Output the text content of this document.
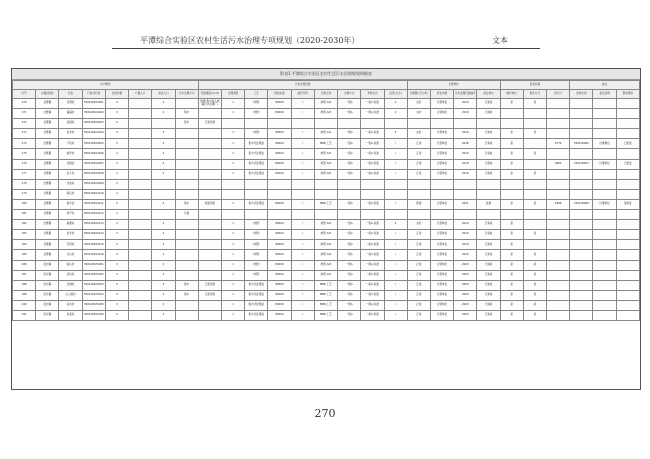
平潭综合实验区农村生活污水治理专项规划（2020-2030年）	文本
附表1 平潭综合实验区农村生活污水治理规划明细表
村户概况								污水处理设施									运维养护				资金估算			备注		
序号	乡镇(街道)	村名	行政村代码	自然村数	户籍人口	常住人口	污水治理方式	设施规模(m³/d)	治理类型	工艺	排放标准	建设年份	运维主体	运维方式	考核状态	投资(万元)	运维费(万元/年)	资金来源	污水处理设施编号	责任单位	维护单位	联系方式	排污口	受纳水体	备注说明	整改情况
170	北厝镇	北厝村	350128104201	4		2		纳管(集中接入城镇污水处理厂)	1	（纳管）	80000	/	纳管 A/O	一级A	一级A 标准	2	完好	运营单位	2019	已验收	是	是				
171	北厝镇	福瀛村	350128104202	3		2	集中		1	（纳管）	80000	/	纳管 A/O	一级A	一级A 标准	2	完好	运营单位	2019	已验收						
172	北厝镇	后楼村	350128104203	2			集中	已建设施																		
173	北厝镇	金井村	350128104204	4		2			1	（纳管）	80000	/	纳管 A/O	一级A	一级A 标准	2	完好	运营单位	2019	已验收	是	是				
174	北厝镇	下坑村	350128104205	5		2			1	集中式处理站	80000	/	MBR 工艺	一级A	一级A 标准	/	正常	运营单位	2018	已验收	是		4770	350128000	运维单位	已批复
175	北厝镇	前洋村	350128104206	4		2			1	集中式处理站	80000	/	纳管 A/O	一级A	一级A 标准	/	正常	运营单位	2019	已验收	是	是				
176	北厝镇	北楼村	350128104207	3		2			1	集中式处理站	80000	/	纳管 A/O	一级A	一级A 标准	/	正常	运营单位	2019	已验收	是		4983	350128003	运维单位	已批复
177	北厝镇	后斗村	350128104208	3		2			1	集中式处理站	80000	/	纳管 A/O	一级A	一级A 标准	/	正常	运营单位	2019	已验收	是	是				
178	北厝镇	龙池村	350128104209	2																						
179	北厝镇	海坛村	350128104210	4																						
180	北厝镇	南中村	350128104211	5		2	集中	待建设施	1	集中式处理站	80000	/	MBR 工艺	一级A	一级A 标准	/	新建	运营单位	2021	待建	是	是	1899	350128009	运维单位	待批复
181	北厝镇	和平村	350128104212	3			分散																			
182	北厝镇	磁澳村	350128104213	4		2			1	（纳管）	80000	/	纳管 A/O	一级A	一级A 标准	2	完好	运营单位	2019	已验收	是					
183	北厝镇	金井村	350128104214	3		2			1	（纳管）	80000	/	纳管 A/O	一级A	一级A 标准	/	正常	运营单位	2019	已验收	是	是				
184	北厝镇	芬尾村	350128104215	2		2			1	（纳管）	80000	/	纳管 A/O	一级A	一级A 标准	/	正常	运营单位	2019	已验收	是					
185	北厝镇	龙山村	350128104216	4		2			1	（纳管）	80000	/	纳管 A/O	一级A	一级A 标准	/	正常	运营单位	2019	已验收	是	是				
186	流水镇	溪头村	350128105201	3		2			1	（纳管）	80000	/	纳管 A/O	一级A	一级A 标准	/	正常	运营单位	2020	已验收	是	是				
187	流水镇	后坑村	350128105202	3		2			1	（纳管）	80000	/	纳管 A/O	一级A	一级A 标准	/	正常	运营单位	2020	已验收	是	是				
188	流水镇	北港村	350128105203	5		2	集中	已建设施	1	集中式处理站	80000	/	MBR 工艺	一级A	一级A 标准	/	正常	运营单位	2020	已验收	是	是				
189	流水镇	山门前村	350128105204	4		2	集中	已建设施	1	集中式处理站	80000	/	MBR 工艺	一级A	一级A 标准	/	正常	运营单位	2020	已验收	是	是				
190	流水镇	流水村	350128105205	3		2			1	集中式处理站	80000	/	MBR 工艺	一级A	一级A 标准	/	正常	运营单位	2020	已验收	是	是				
191	流水镇	东美村	350128105206	2		2			1	集中式处理站	80000	/	MBR 工艺	一级A	一级A 标准	/	正常	运营单位	2020	已验收	是	是				
270
